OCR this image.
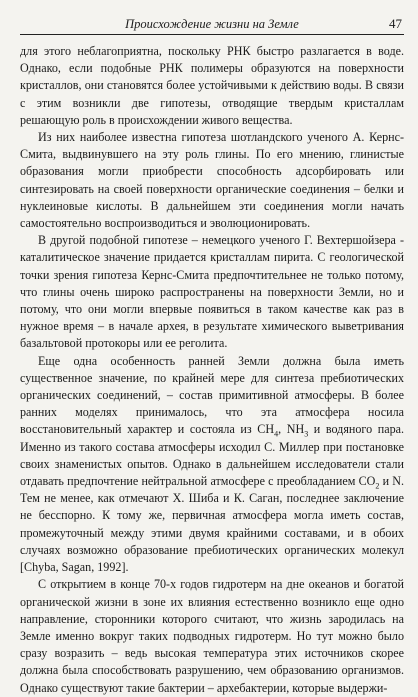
Происхождение жизни на Земле	47

для этого неблагоприятна, поскольку РНК быстро разлагается в воде. Однако, если подобные РНК полимеры образуются на поверхности кристаллов, они становятся более устойчивыми к действию воды. В связи с этим возникли две гипотезы, отводящие твердым кристаллам решающую роль в происхождении живого вещества.

Из них наиболее известна гипотеза шотландского ученого А. Кернс-Смита, выдвинувшего на эту роль глины. По его мнению, глинистые образования могли приобрести способность адсорбировать или синтезировать на своей поверхности органические соединения – белки и нуклеиновые кислоты. В дальнейшем эти соединения могли начать самостоятельно воспроизводиться и эволюционировать.

В другой подобной гипотезе – немецкого ученого Г. Вехтершойзера - каталитическое значение придается кристаллам пирита. С геологической точки зрения гипотеза Кернс-Смита предпочтительнее не только потому, что глины очень широко распространены на поверхности Земли, но и потому, что они могли впервые появиться в таком качестве как раз в нужное время – в начале архея, в результате химического выветривания базальтовой протокоры или ее реголита.

Еще одна особенность ранней Земли должна была иметь существенное значение, по крайней мере для синтеза пребиотических органических соединений, – состав примитивной атмосферы. В более ранних моделях принималось, что эта атмосфера носила восстановительный характер и состояла из $CH_4$, $NH_3$ и водяного пара. Именно из такого состава атмосферы исходил С. Миллер при постановке своих знаменистых опытов. Однако в дальнейшем исследователи стали отдавать предпочтение нейтральной атмосфере с преобладанием $CO_2$ и N. Тем не менее, как отмечают Х. Шиба и К. Саган, последнее заключение не бесспорно. К тому же, первичная атмосфера могла иметь состав, промежуточный между этими двумя крайними составами, и в обоих случаях возможно образование пребиотических органических молекул [Chyba, Sagan, 1992].

С открытием в конце 70-х годов гидротерм на дне океанов и богатой органической жизни в зоне их влияния естественно возникло еще одно направление, сторонники которого считают, что жизнь зародилась на Земле именно вокруг таких подводных гидротерм. Но тут можно было сразу возразить – ведь высокая температура этих источников скорее должна была способствовать разрушению, чем образованию организмов. Однако существуют такие бактерии – архебактерии, которые выдержи-
